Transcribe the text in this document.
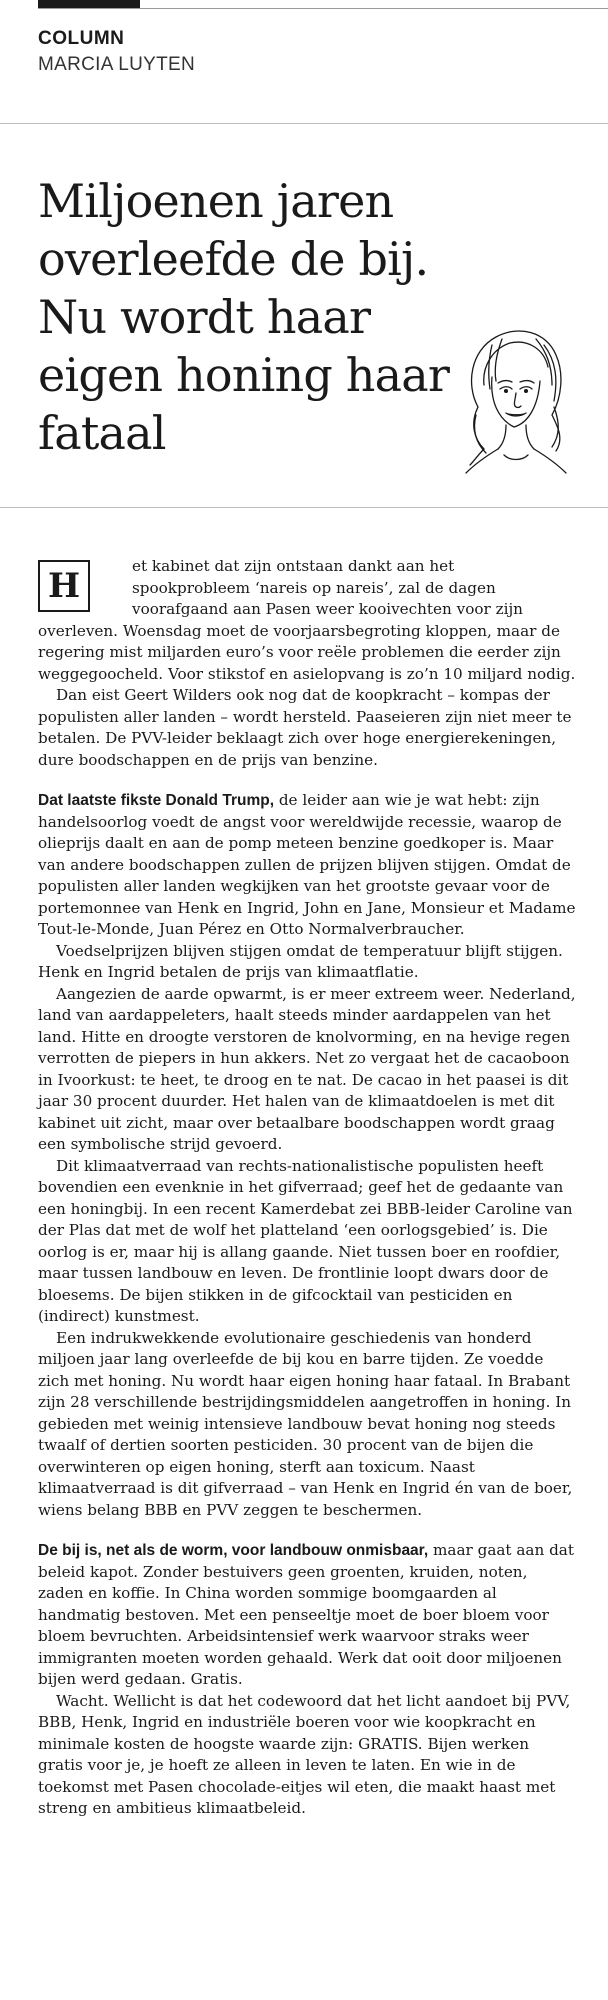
COLUMN
MARCIA LUYTEN
Miljoenen jaren overleefde de bij. Nu wordt haar eigen honing haar fataal
H	et kabinet dat zijn ontstaan dankt aan het spookprobleem ‘nareis op nareis’, zal de dagen voorafgaand aan Pasen weer kooivechten voor zijn overleven. Woensdag moet de voorjaarsbegroting kloppen, maar de regering mist miljarden euro’s voor reële problemen die eerder zijn weggegoocheld. Voor stikstof en asielopvang is zo’n 10 miljard nodig.

Dan eist Geert Wilders ook nog dat de koopkracht – kompas der populisten aller landen – wordt hersteld. Paaseieren zijn niet meer te betalen. De PVV-leider beklaagt zich over hoge energierekeningen, dure boodschappen en de prijs van benzine.

Dat laatste fikste Donald Trump, de leider aan wie je wat hebt: zijn handelsoorlog voedt de angst voor wereldwijde recessie, waarop de olieprijs daalt en aan de pomp meteen benzine goedkoper is. Maar van andere boodschappen zullen de prijzen blijven stijgen. Omdat de populisten aller landen wegkijken van het grootste gevaar voor de portemonnee van Henk en Ingrid, John en Jane, Monsieur et Madame Tout-le-Monde, Juan Pérez en Otto Normalverbraucher.

Voedselprijzen blijven stijgen omdat de temperatuur blijft stijgen. Henk en Ingrid betalen de prijs van klimaatflatie.

Aangezien de aarde opwarmt, is er meer extreem weer. Nederland, land van aardappeleters, haalt steeds minder aardappelen van het land. Hitte en droogte verstoren de knolvorming, en na hevige regen verrotten de piepers in hun akkers. Net zo vergaat het de cacaoboon in Ivoorkust: te heet, te droog en te nat. De cacao in het paasei is dit jaar 30 procent duurder. Het halen van de klimaatdoelen is met dit kabinet uit zicht, maar over betaalbare boodschappen wordt graag een symbolische strijd gevoerd.

Dit klimaatverraad van rechts-nationalistische populisten heeft bovendien een evenknie in het gifverraad; geef het de gedaante van een honingbij. In een recent Kamerdebat zei BBB-leider Caroline van der Plas dat met de wolf het platteland ‘een oorlogsgebied’ is. Die oorlog is er, maar hij is allang gaande. Niet tussen boer en roofdier, maar tussen landbouw en leven. De frontlinie loopt dwars door de bloesems. De bijen stikken in de gifcocktail van pesticiden en (indirect) kunstmest.

Een indrukwekkende evolutionaire geschiedenis van honderd miljoen jaar lang overleefde de bij kou en barre tijden. Ze voedde zich met honing. Nu wordt haar eigen honing haar fataal. In Brabant zijn 28 verschillende bestrijdingsmiddelen aangetroffen in honing. In gebieden met weinig intensieve landbouw bevat honing nog steeds twaalf of dertien soorten pesticiden. 30 procent van de bijen die overwinteren op eigen honing, sterft aan toxicum. Naast klimaatverraad is dit gifverraad – van Henk en Ingrid én van de boer, wiens belang BBB en PVV zeggen te beschermen.

De bij is, net als de worm, voor landbouw onmisbaar, maar gaat aan dat beleid kapot. Zonder bestuivers geen groenten, kruiden, noten, zaden en koffie. In China worden sommige boomgaarden al handmatig bestoven. Met een penseeltje moet de boer bloem voor bloem bevruchten. Arbeidsintensief werk waarvoor straks weer immigranten moeten worden gehaald. Werk dat ooit door miljoenen bijen werd gedaan. Gratis.

Wacht. Wellicht is dat het codewoord dat het licht aandoet bij PVV, BBB, Henk, Ingrid en industriële boeren voor wie koopkracht en minimale kosten de hoogste waarde zijn: GRATIS. Bijen werken gratis voor je, je hoeft ze alleen in leven te laten. En wie in de toekomst met Pasen chocolade-eitjes wil eten, die maakt haast met streng en ambitieus klimaatbeleid.
